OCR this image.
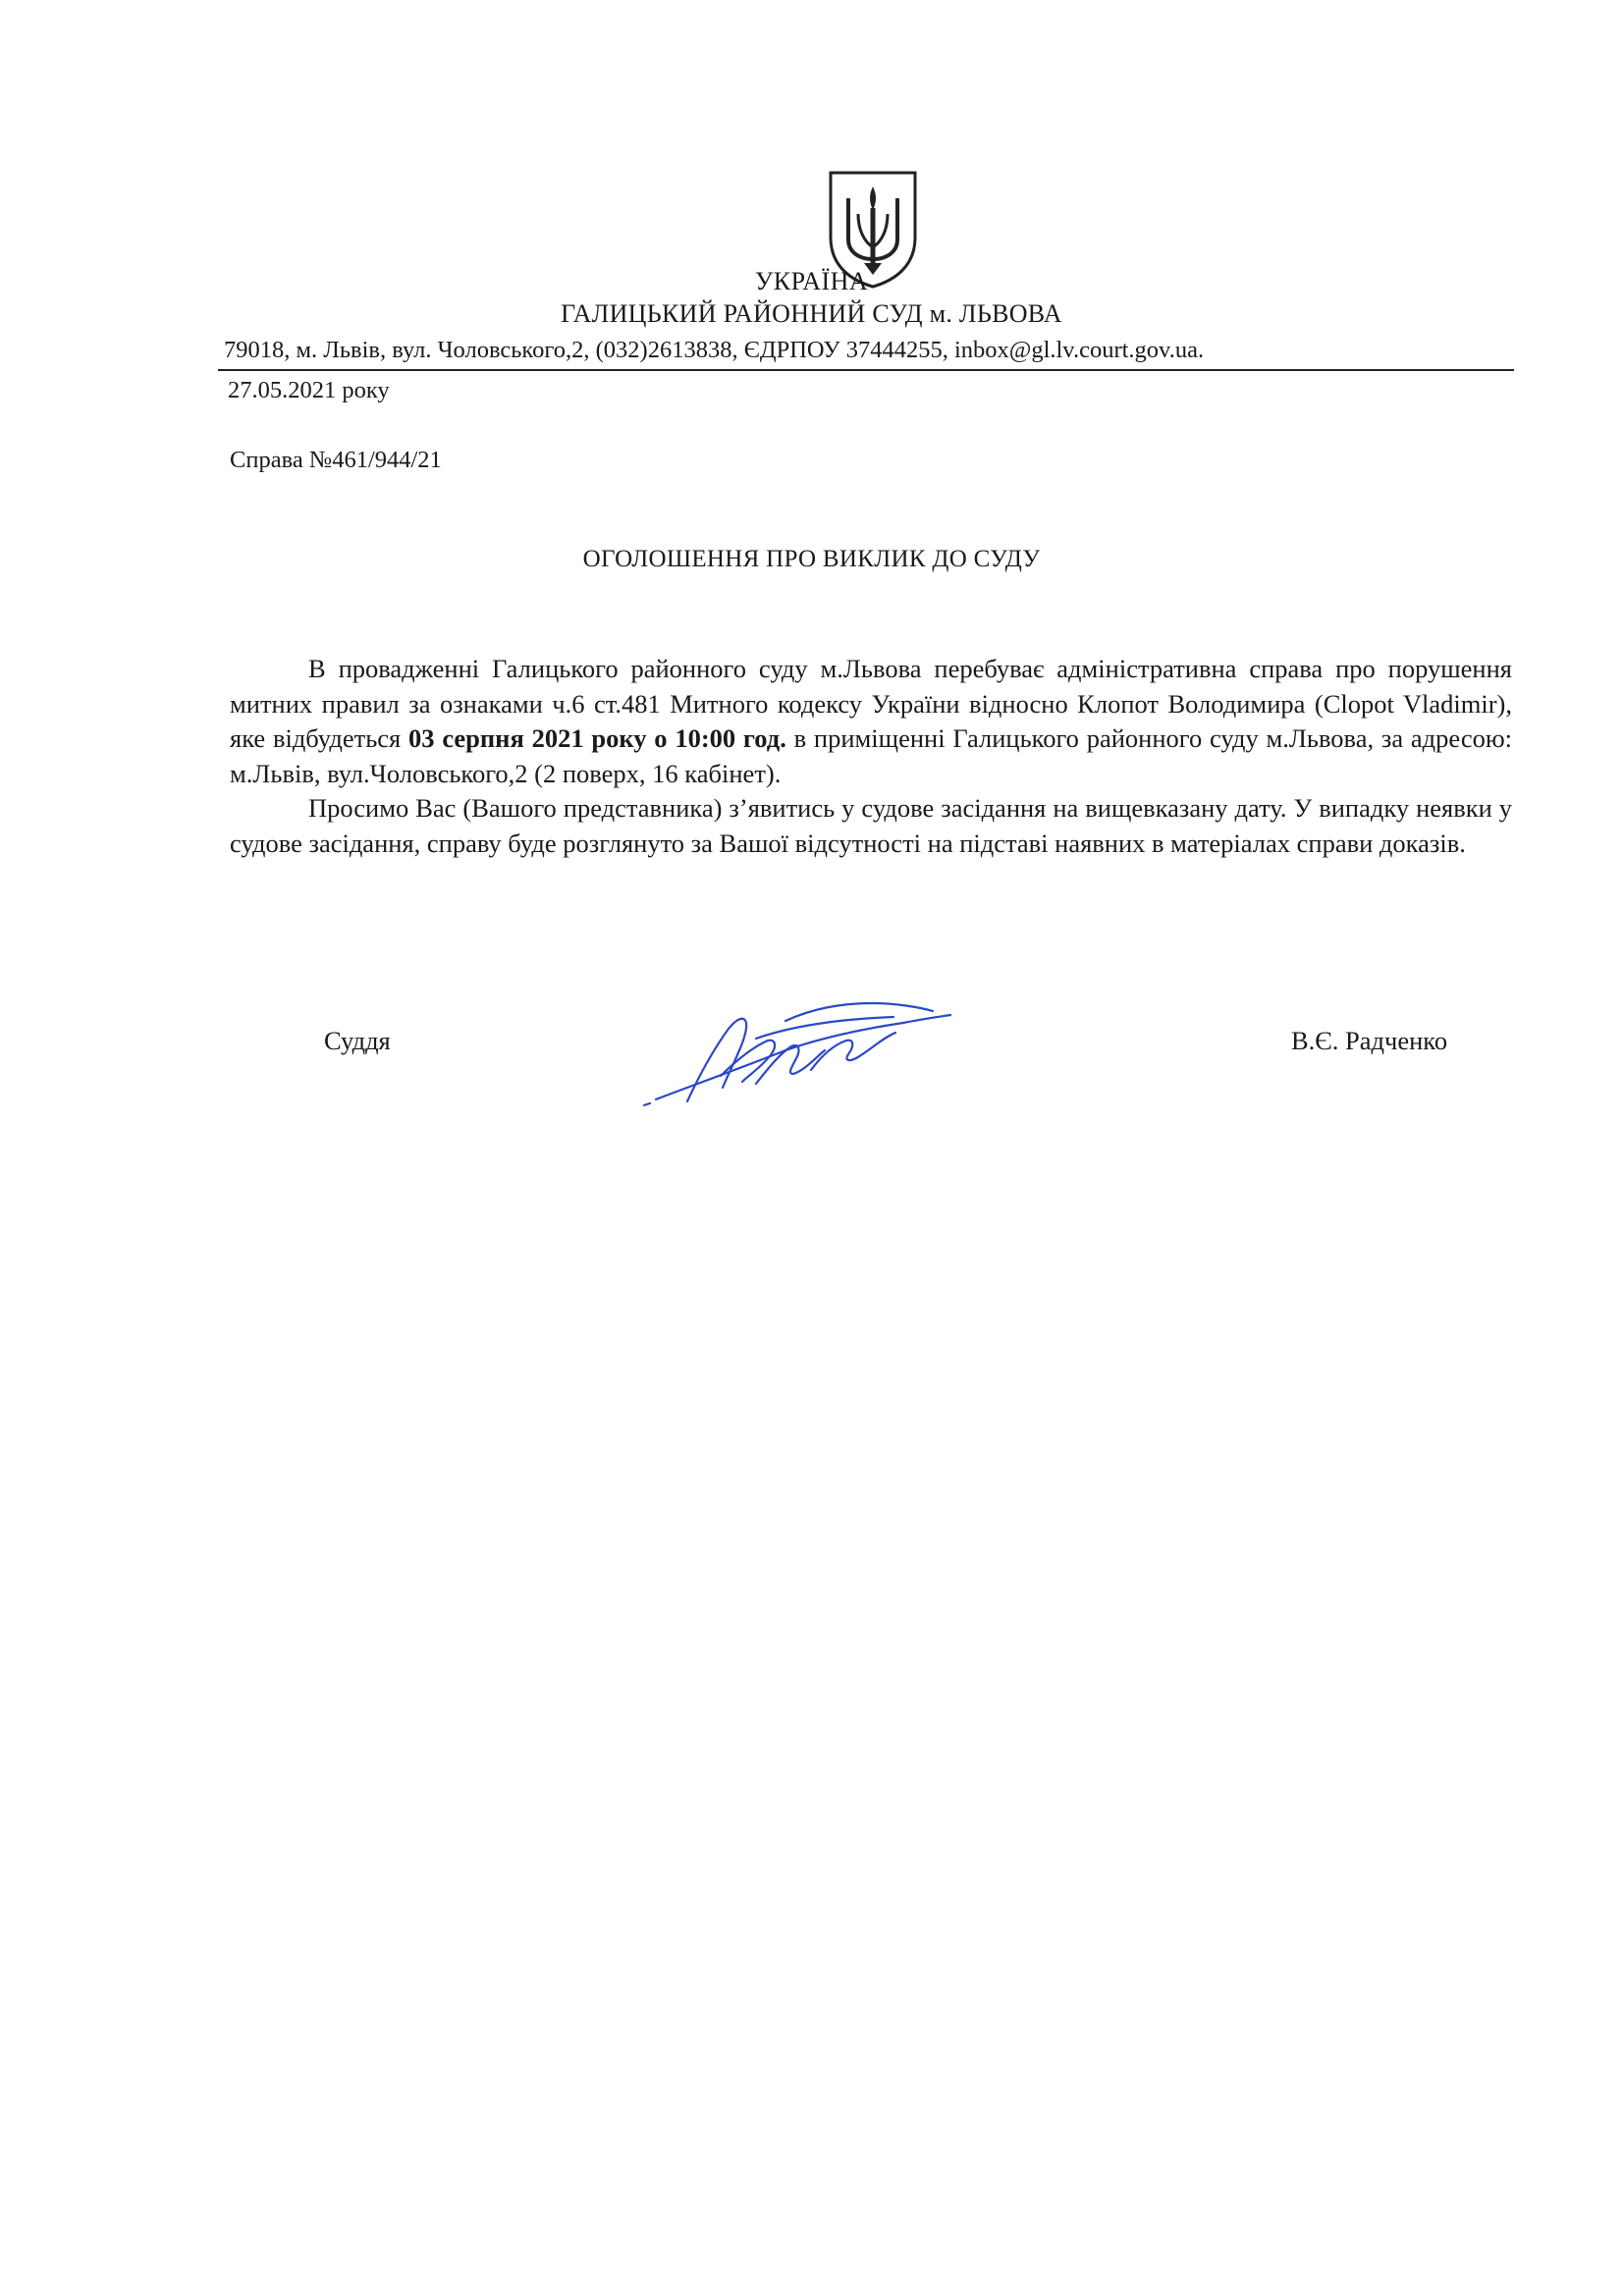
УКРАЇНА
ГАЛИЦЬКИЙ РАЙОННИЙ СУД м. ЛЬВОВА
79018, м. Львів, вул. Чоловського,2, (032)2613838, ЄДРПОУ 37444255, inbox@gl.lv.court.gov.ua.
27.05.2021 року
Справа №461/944/21
ОГОЛОШЕННЯ ПРО ВИКЛИК ДО СУДУ

В провадженні Галицького районного суду м.Львова перебуває адміністративна справа про порушення митних правил за ознаками ч.6 ст.481 Митного кодексу України відносно Клопот Володимира (Clopot Vladimir), яке відбудеться 03 серпня 2021 року о 10:00 год. в приміщенні Галицького районного суду м.Львова, за адресою: м.Львів, вул.Чоловського,2 (2 поверх, 16 кабінет).

Просимо Вас (Вашого представника) з’явитись у судове засідання на вищевказану дату. У випадку неявки у судове засідання, справу буде розглянуто за Вашої відсутності на підставі наявних в матеріалах справи доказів.

Суддя	В.Є. Радченко
